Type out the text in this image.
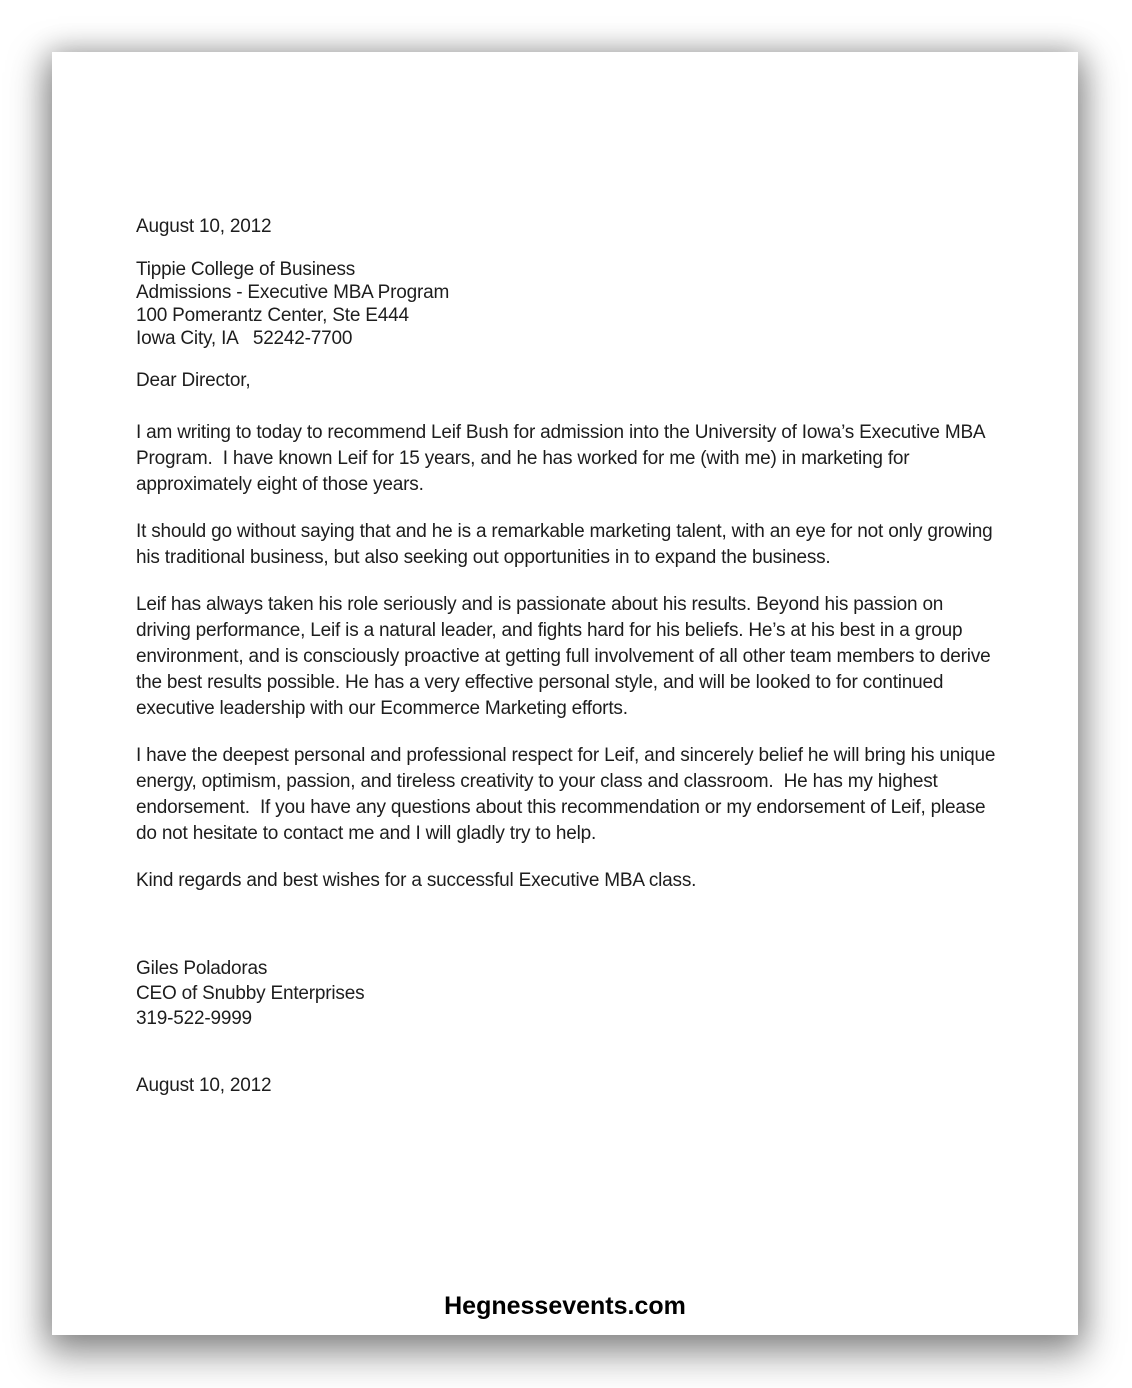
August 10, 2012
Tippie College of Business
Admissions - Executive MBA Program
100 Pomerantz Center, Ste E444
Iowa City, IA   52242-7700
Dear Director,

I am writing to today to recommend Leif Bush for admission into the University of Iowa’s Executive MBA Program.  I have known Leif for 15 years, and he has worked for me (with me) in marketing for approximately eight of those years.

It should go without saying that and he is a remarkable marketing talent, with an eye for not only growing his traditional business, but also seeking out opportunities in to expand the business.

Leif has always taken his role seriously and is passionate about his results. Beyond his passion on driving performance, Leif is a natural leader, and fights hard for his beliefs. He’s at his best in a group environment, and is consciously proactive at getting full involvement of all other team members to derive the best results possible. He has a very effective personal style, and will be looked to for continued executive leadership with our Ecommerce Marketing efforts.

I have the deepest personal and professional respect for Leif, and sincerely belief he will bring his unique energy, optimism, passion, and tireless creativity to your class and classroom.  He has my highest endorsement.  If you have any questions about this recommendation or my endorsement of Leif, please do not hesitate to contact me and I will gladly try to help.

Kind regards and best wishes for a successful Executive MBA class.

Giles Poladoras
CEO of Snubby Enterprises
319-522-9999
August 10, 2012
Hegnessevents.com
